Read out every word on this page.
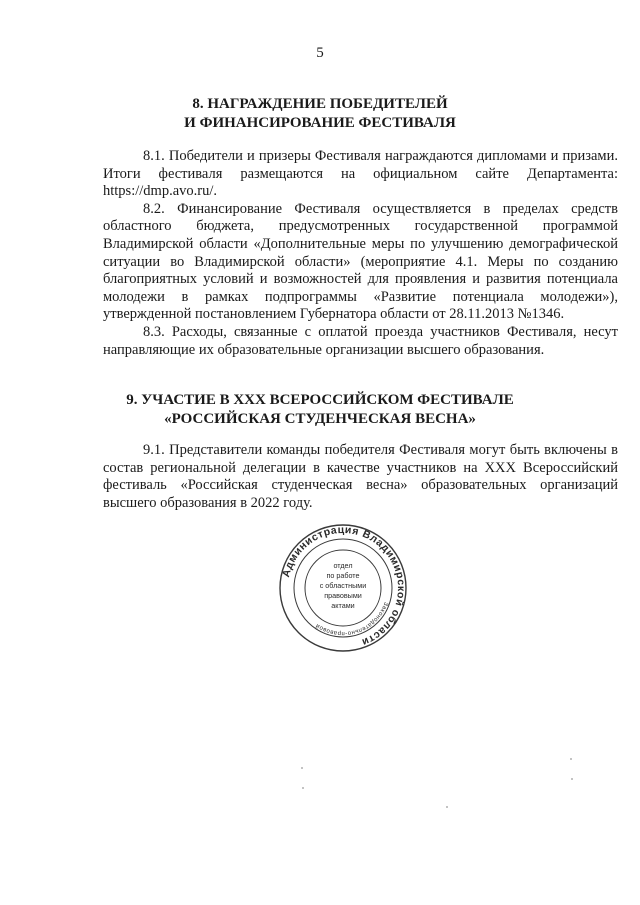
5
8. НАГРАЖДЕНИЕ ПОБЕДИТЕЛЕЙ
И ФИНАНСИРОВАНИЕ ФЕСТИВАЛЯ

8.1. Победители и призеры Фестиваля награждаются дипломами и призами. Итоги фестиваля размещаются на официальном сайте Департамента: https://dmp.avo.ru/.

8.2. Финансирование Фестиваля осуществляется в пределах средств областного бюджета, предусмотренных государственной программой Владимирской области «Дополнительные меры по улучшению демографической ситуации во Владимирской области» (мероприятие 4.1. Меры по созданию благоприятных условий и возможностей для проявления и развития потенциала молодежи в рамках подпрограммы «Развитие потенциала молодежи»), утвержденной постановлением Губернатора области от 28.11.2013 №1346.

8.3. Расходы, связанные с оплатой проезда участников Фестиваля, несут направляющие их образовательные организации высшего образования.

9. УЧАСТИЕ В XXX ВСЕРОССИЙСКОМ ФЕСТИВАЛЕ
«РОССИЙСКАЯ СТУДЕНЧЕСКАЯ ВЕСНА»

9.1. Представители команды победителя Фестиваля могут быть включены в состав региональной делегации в качестве участников на XXX Всероссийский фестиваль «Российская студенческая весна» образовательных организаций высшего образования в 2022 году.

Администрация Владимирской области
Законодательно-правовой
отдел
по работе
с областными
правовыми
актами
